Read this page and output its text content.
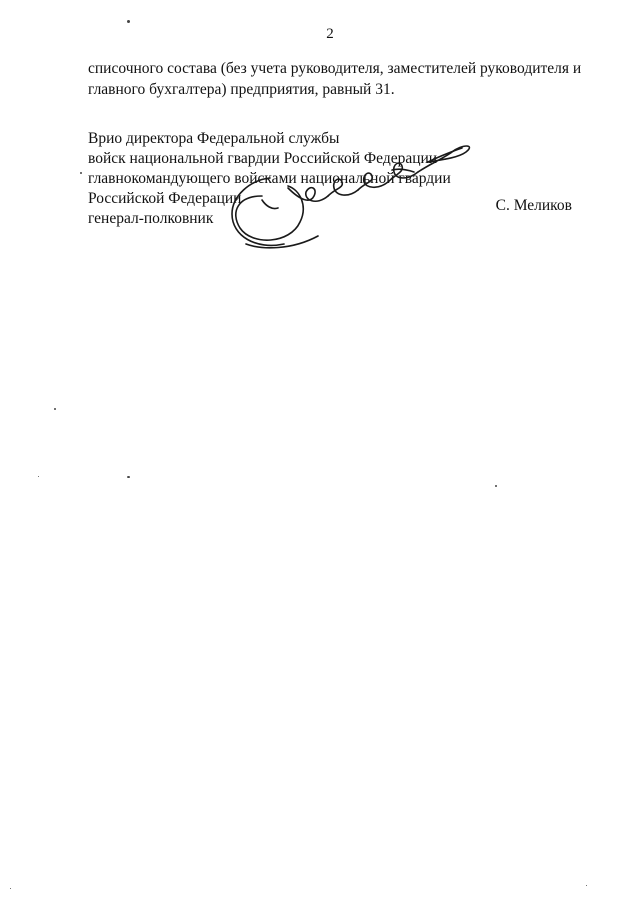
2
списочного состава (без учета руководителя, заместителей руководителя и
главного бухгалтера) предприятия, равный 31.
Врио директора Федеральной службы
войск национальной гвардии Российской Федерации -
главнокомандующего войсками национальной гвардии
Российской Федерации
генерал-полковник
С. Меликов
